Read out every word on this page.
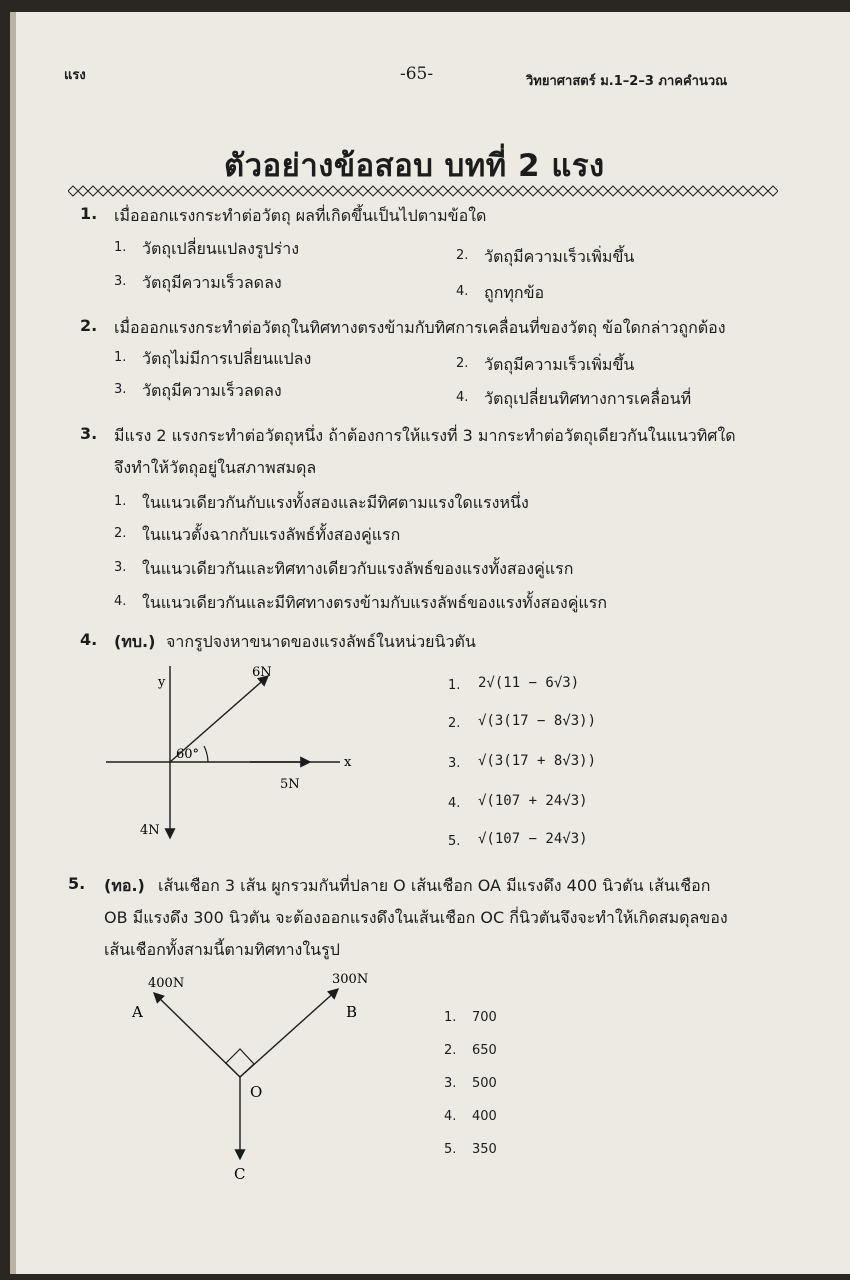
แรง	-65-	วิทยาศาสตร์ ม.1–2–3 ภาคคำนวณ
ตัวอย่างข้อสอบ บทที่ 2 แรง
1. เมื่อออกแรงกระทำต่อวัตถุ ผลที่เกิดขึ้นเป็นไปตามข้อใด
1. วัตถุเปลี่ยนแปลงรูปร่าง	2. วัตถุมีความเร็วเพิ่มขึ้น
3. วัตถุมีความเร็วลดลง	4. ถูกทุกข้อ
2. เมื่อออกแรงกระทำต่อวัตถุในทิศทางตรงข้ามกับทิศการเคลื่อนที่ของวัตถุ ข้อใดกล่าวถูกต้อง
1. วัตถุไม่มีการเปลี่ยนแปลง	2. วัตถุมีความเร็วเพิ่มขึ้น
3. วัตถุมีความเร็วลดลง	4. วัตถุเปลี่ยนทิศทางการเคลื่อนที่
3. มีแรง 2 แรงกระทำต่อวัตถุหนึ่ง ถ้าต้องการให้แรงที่ 3 มากระทำต่อวัตถุเดียวกันในแนวทิศใด
จึงทำให้วัตถุอยู่ในสภาพสมดุล
1. ในแนวเดียวกันกับแรงทั้งสองและมีทิศตามแรงใดแรงหนึ่ง
2. ในแนวตั้งฉากกับแรงลัพธ์ทั้งสองคู่แรก
3. ในแนวเดียวกันและทิศทางเดียวกับแรงลัพธ์ของแรงทั้งสองคู่แรก
4. ในแนวเดียวกันและมีทิศทางตรงข้ามกับแรงลัพธ์ของแรงทั้งสองคู่แรก
4. (ทบ.) จากรูปจงหาขนาดของแรงลัพธ์ในหน่วยนิวตัน
y
x
6N
5N
4N
60°
1. 2√(11 − 6√3)
2. √(3(17 − 8√3))
3. √(3(17 + 8√3))
4. √(107 + 24√3)
5. √(107 − 24√3)
5. (ทอ.) เส้นเชือก 3 เส้น ผูกรวมกันที่ปลาย O เส้นเชือก OA มีแรงดึง 400 นิวตัน เส้นเชือก
OB มีแรงดึง 300 นิวตัน จะต้องออกแรงดึงในเส้นเชือก OC กี่นิวตันจึงจะทำให้เกิดสมดุลของ
เส้นเชือกทั้งสามนี้ตามทิศทางในรูป
400N	300N
A	B
O
C
1. 700
2. 650
3. 500
4. 400
5. 350
